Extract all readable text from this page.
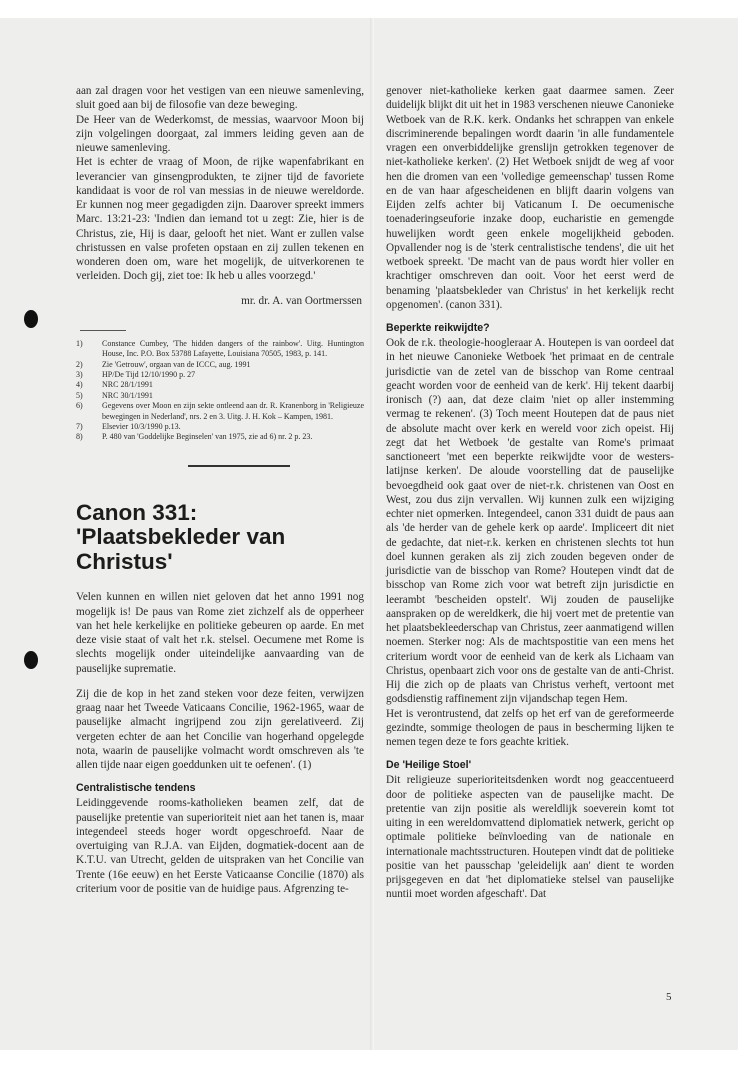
aan zal dragen voor het vestigen van een nieuwe samenleving, sluit goed aan bij de filosofie van deze beweging.

De Heer van de Wederkomst, de messias, waarvoor Moon bij zijn volgelingen doorgaat, zal immers leiding geven aan de nieuwe samenleving.

Het is echter de vraag of Moon, de rijke wapenfabrikant en leverancier van ginsengprodukten, te zijner tijd de favoriete kandidaat is voor de rol van messias in de nieuwe wereldorde. Er kunnen nog meer gegadigden zijn. Daarover spreekt immers Marc. 13:21-23: 'Indien dan iemand tot u zegt: Zie, hier is de Christus, zie, Hij is daar, gelooft het niet. Want er zullen valse christussen en valse profeten opstaan en zij zullen tekenen en wonderen doen om, ware het mogelijk, de uitverkorenen te verleiden. Doch gij, ziet toe: Ik heb u alles voorzegd.'

mr. dr. A. van Oortmerssen
1)	Constance Cumbey, 'The hidden dangers of the rainbow'. Uitg. Huntington House, Inc. P.O. Box 53788 Lafayette, Louisiana 70505, 1983, p. 141.
2)	Zie 'Getrouw', orgaan van de ICCC, aug. 1991
3)	HP/De Tijd 12/10/1990 p. 27
4)	NRC 28/1/1991
5)	NRC 30/1/1991
6)	Gegevens over Moon en zijn sekte ontleend aan dr. R. Kranenborg in 'Religieuze bewegingen in Nederland', nrs. 2 en 3. Uitg. J. H. Kok – Kampen, 1981.
7)	Elsevier 10/3/1990 p.13.
8)	P. 480 van 'Goddelijke Beginselen' van 1975, zie ad 6) nr. 2 p. 23.
Canon 331: 'Plaatsbekleder van Christus'

Velen kunnen en willen niet geloven dat het anno 1991 nog mogelijk is! De paus van Rome ziet zichzelf als de opperheer van het hele kerkelijke en politieke gebeuren op aarde. En met deze visie staat of valt het r.k. stelsel. Oecumene met Rome is slechts mogelijk onder uiteindelijke aanvaarding van de pauselijke suprematie.

Zij die de kop in het zand steken voor deze feiten, verwijzen graag naar het Tweede Vaticaans Concilie, 1962-1965, waar de pauselijke almacht ingrijpend zou zijn gerelativeerd. Zij vergeten echter de aan het Concilie van hogerhand opgelegde nota, waarin de pauselijke volmacht wordt omschreven als 'te allen tijde naar eigen goeddunken uit te oefenen'. (1)

Centralistische tendens

Leidinggevende rooms-katholieken beamen zelf, dat de pauselijke pretentie van superioriteit niet aan het tanen is, maar integendeel steeds hoger wordt opgeschroefd. Naar de overtuiging van R.J.A. van Eijden, dogmatiek-docent aan de K.T.U. van Utrecht, gelden de uitspraken van het Concilie van Trente (16e eeuw) en het Eerste Vaticaanse Concilie (1870) als criterium voor de positie van de huidige paus. Afgrenzing te-

genover niet-katholieke kerken gaat daarmee samen. Zeer duidelijk blijkt dit uit het in 1983 verschenen nieuwe Canonieke Wetboek van de R.K. kerk. Ondanks het schrappen van enkele discriminerende bepalingen wordt daarin 'in alle fundamentele vragen een onverbiddelijke grenslijn getrokken tegenover de niet-katholieke kerken'. (2) Het Wetboek snijdt de weg af voor hen die dromen van een 'volledige gemeenschap' tussen Rome en de van haar afgescheidenen en blijft daarin volgens van Eijden zelfs achter bij Vaticanum I. De oecumenische toenaderingseuforie inzake doop, eucharistie en gemengde huwelijken wordt geen enkele mogelijkheid geboden. Opvallender nog is de 'sterk centralistische tendens', die uit het wetboek spreekt. 'De macht van de paus wordt hier voller en krachtiger omschreven dan ooit. Voor het eerst werd de benaming 'plaatsbekleder van Christus' in het kerkelijk recht opgenomen'. (canon 331).

Beperkte reikwijdte?

Ook de r.k. theologie-hoogleraar A. Houtepen is van oordeel dat in het nieuwe Canonieke Wetboek 'het primaat en de centrale jurisdictie van de zetel van de bisschop van Rome centraal geacht worden voor de eenheid van de kerk'. Hij tekent daarbij ironisch (?) aan, dat deze claim 'niet op aller instemming vermag te rekenen'. (3) Toch meent Houtepen dat de paus niet de absolute macht over kerk en wereld voor zich opeist. Hij zegt dat het Wetboek 'de gestalte van Rome's primaat sanctioneert 'met een beperkte reikwijdte voor de westers-latijnse kerken'. De aloude voorstelling dat de pauselijke bevoegdheid ook gaat over de niet-r.k. christenen van Oost en West, zou dus zijn vervallen. Wij kunnen zulk een wijziging echter niet opmerken. Integendeel, canon 331 duidt de paus aan als 'de herder van de gehele kerk op aarde'. Impliceert dit niet de gedachte, dat niet-r.k. kerken en christenen slechts tot hun doel kunnen geraken als zij zich zouden begeven onder de jurisdictie van de bisschop van Rome? Houtepen vindt dat de bisschop van Rome zich voor wat betreft zijn jurisdictie en leerambt 'bescheiden opstelt'. Wij zouden de pauselijke aanspraken op de wereldkerk, die hij voert met de pretentie van het plaatsbekleederschap van Christus, zeer aanmatigend willen noemen. Sterker nog: Als de machtspostitie van een mens het criterium wordt voor de eenheid van de kerk als Lichaam van Christus, openbaart zich voor ons de gestalte van de anti-Christ. Hij die zich op de plaats van Christus verheft, vertoont met godsdienstig raffinement zijn vijandschap tegen Hem.

Het is verontrustend, dat zelfs op het erf van de gereformeerde gezindte, sommige theologen de paus in bescherming lijken te nemen tegen deze te fors geachte kritiek.

De 'Heilige Stoel'

Dit religieuze superioriteitsdenken wordt nog geaccentueerd door de politieke aspecten van de pauselijke macht. De pretentie van zijn positie als wereldlijk soeverein komt tot uiting in een wereldomvattend diplomatiek netwerk, gericht op optimale politieke beïnvloeding van de nationale en internationale machtsstructuren. Houtepen vindt dat de politieke positie van het pausschap 'geleidelijk aan' dient te worden prijsgegeven en dat 'het diplomatieke stelsel van pauselijke nuntii moet worden afgeschaft'. Dat

5
